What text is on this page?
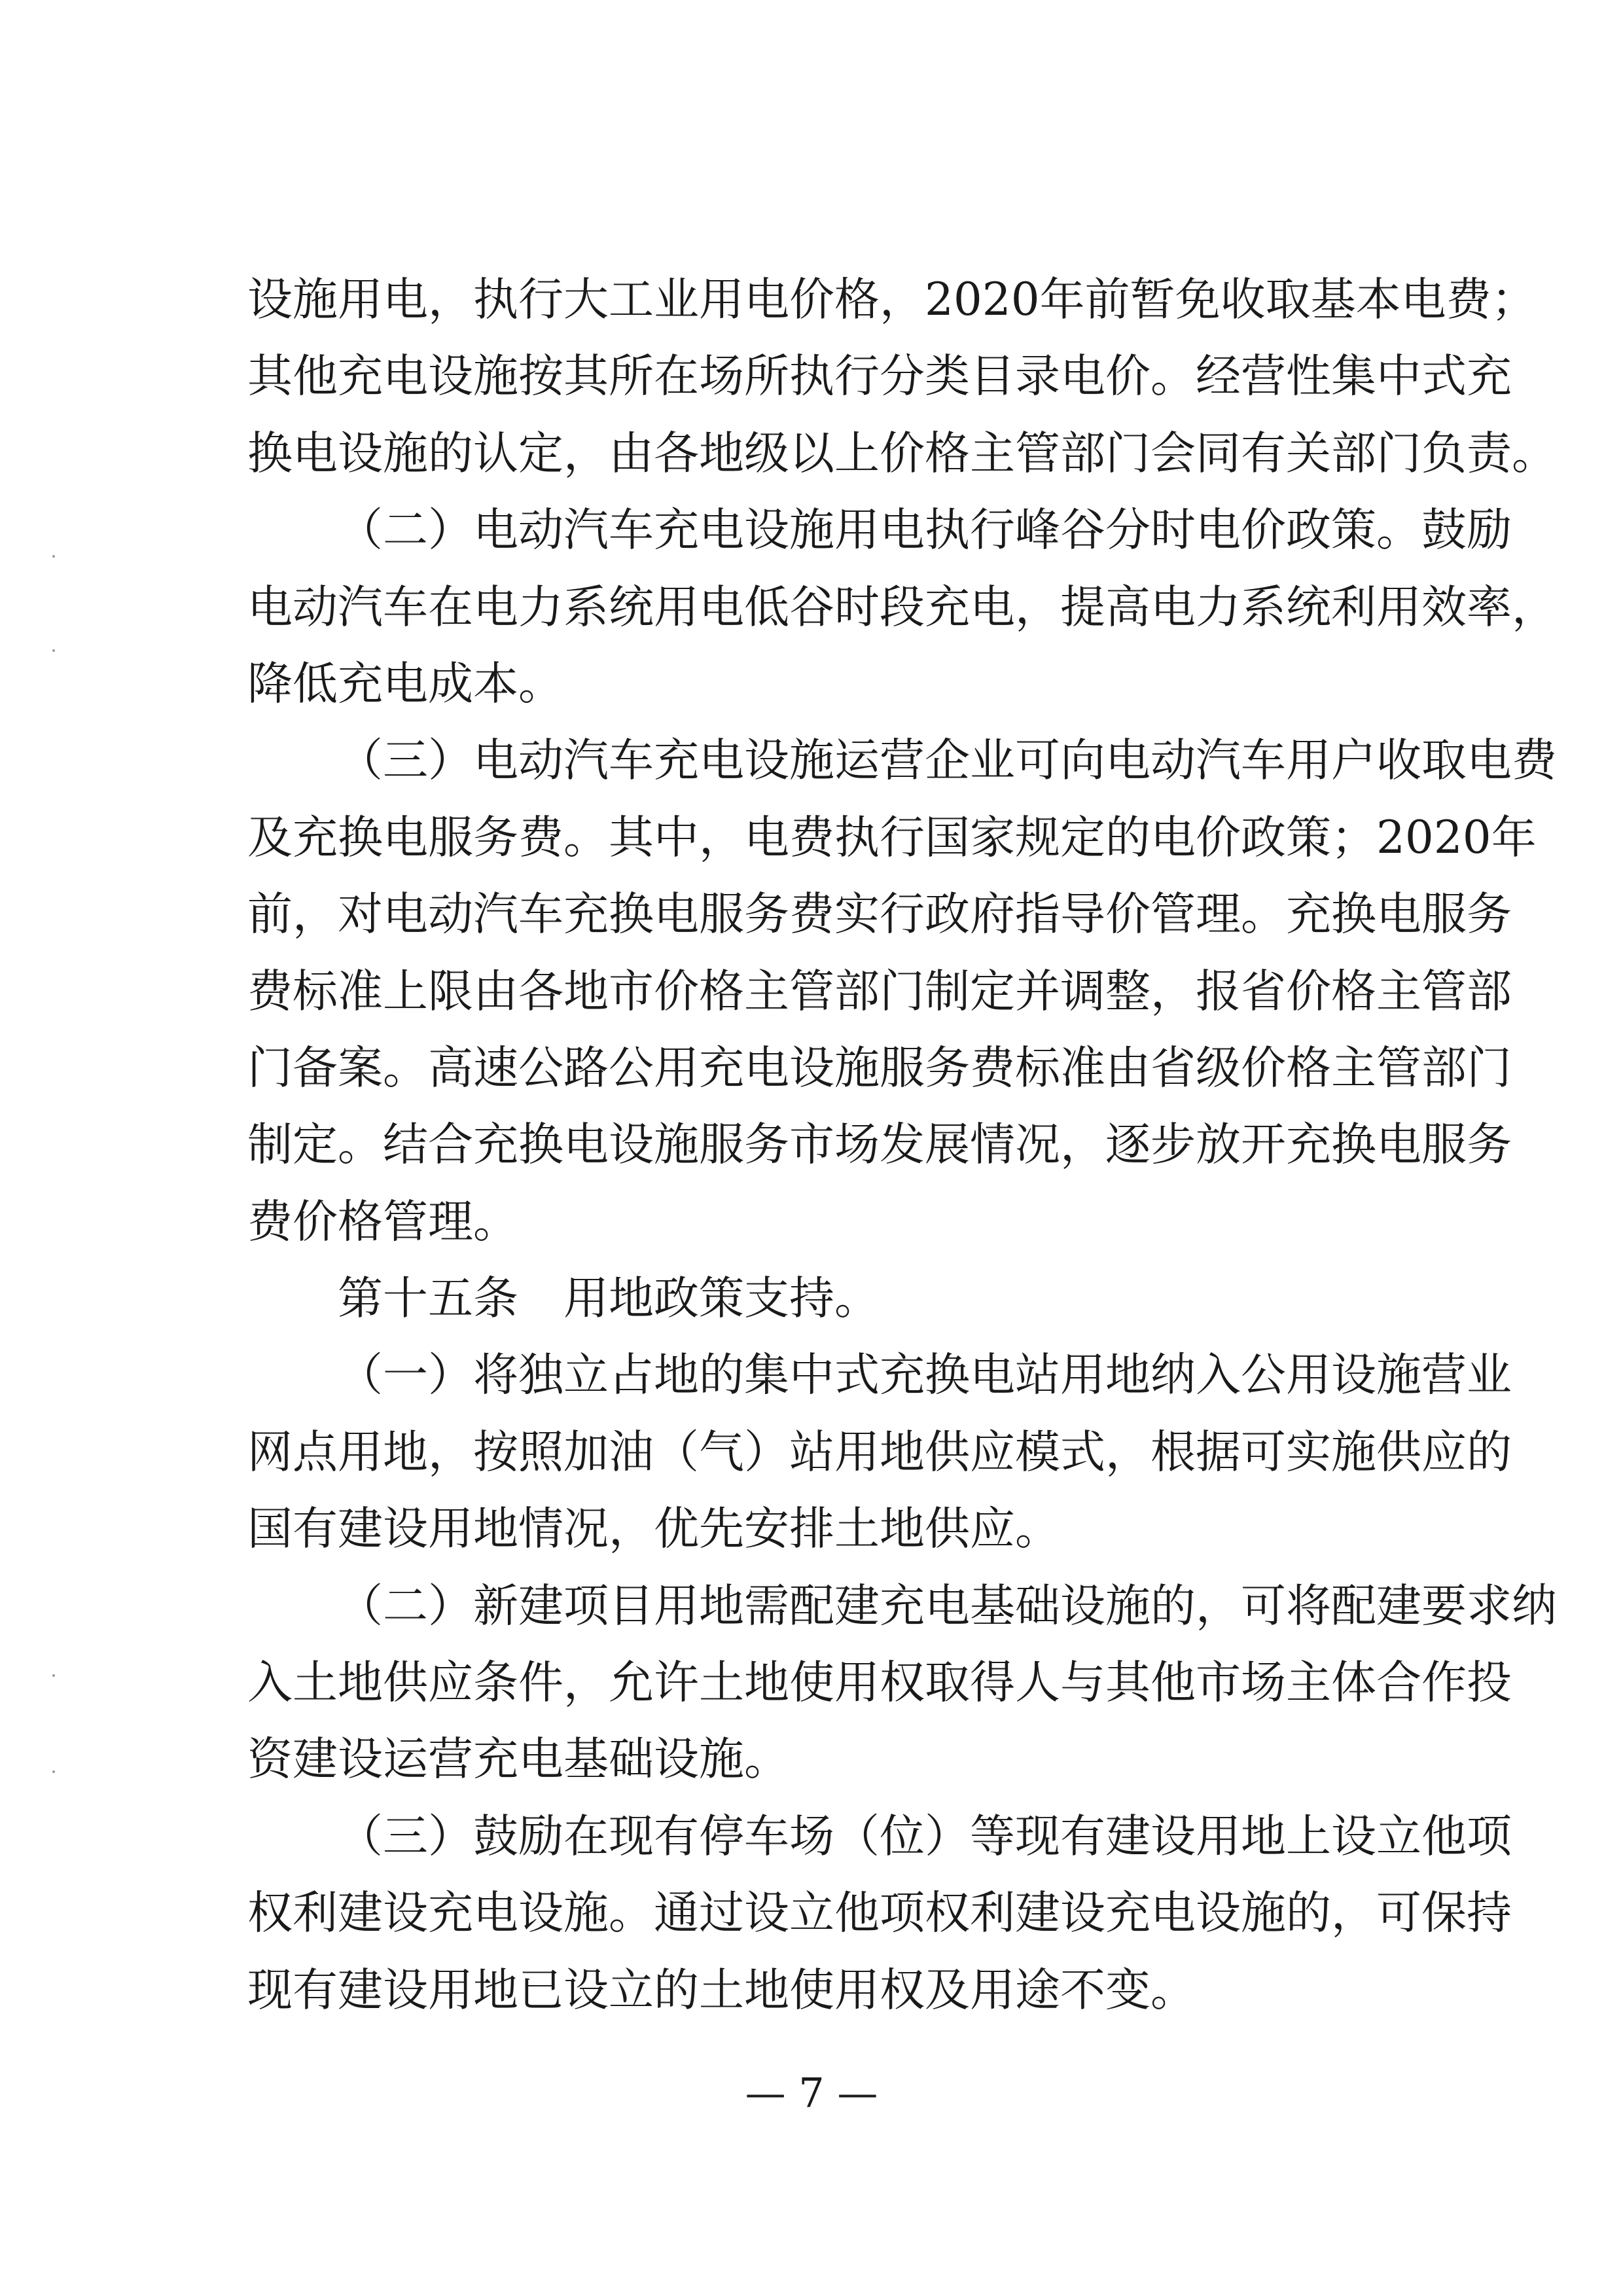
设施用电，执行大工业用电价格，2020年前暂免收取基本电费；
其他充电设施按其所在场所执行分类目录电价。经营性集中式充
换电设施的认定，由各地级以上价格主管部门会同有关部门负责。
（二）电动汽车充电设施用电执行峰谷分时电价政策。鼓励
电动汽车在电力系统用电低谷时段充电，提高电力系统利用效率，
降低充电成本。
（三）电动汽车充电设施运营企业可向电动汽车用户收取电费
及充换电服务费。其中，电费执行国家规定的电价政策；2020年
前，对电动汽车充换电服务费实行政府指导价管理。充换电服务
费标准上限由各地市价格主管部门制定并调整，报省价格主管部
门备案。高速公路公用充电设施服务费标准由省级价格主管部门
制定。结合充换电设施服务市场发展情况，逐步放开充换电服务
费价格管理。
第十五条　用地政策支持。
（一）将独立占地的集中式充换电站用地纳入公用设施营业
网点用地，按照加油（气）站用地供应模式，根据可实施供应的
国有建设用地情况，优先安排土地供应。
（二）新建项目用地需配建充电基础设施的，可将配建要求纳
入土地供应条件，允许土地使用权取得人与其他市场主体合作投
资建设运营充电基础设施。
（三）鼓励在现有停车场（位）等现有建设用地上设立他项
权利建设充电设施。通过设立他项权利建设充电设施的，可保持
现有建设用地已设立的土地使用权及用途不变。
— 7 —
